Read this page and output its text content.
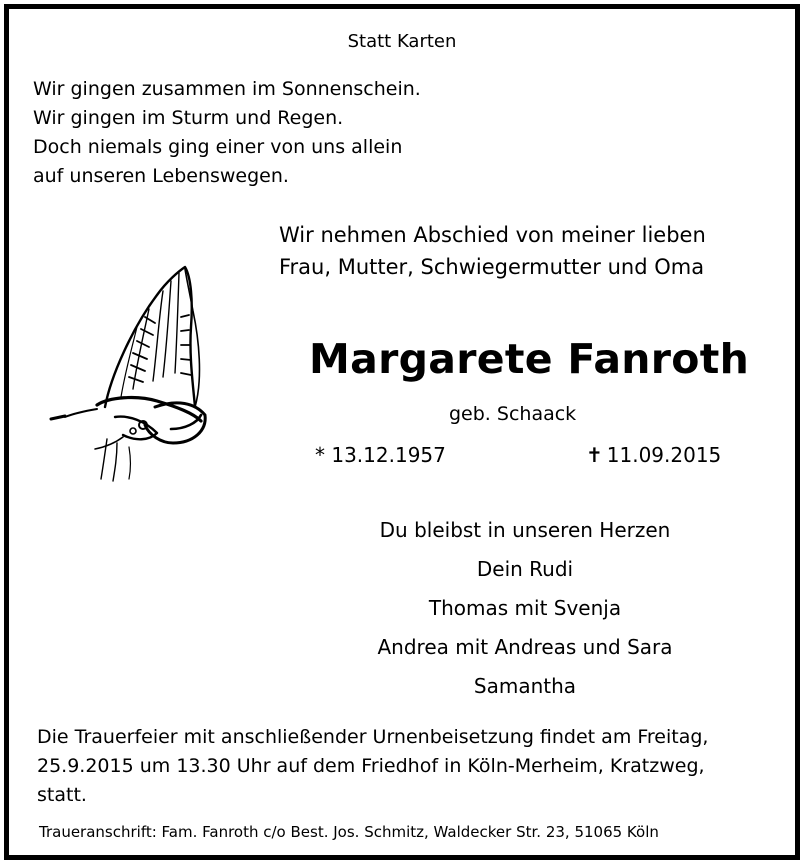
Statt Karten
Wir gingen zusammen im Sonnenschein.
Wir gingen im Sturm und Regen.
Doch niemals ging einer von uns allein
auf unseren Lebenswegen.
Wir nehmen Abschied von meiner lieben
Frau, Mutter, Schwiegermutter und Oma
Margarete Fanroth
geb. Schaack
* 13.12.1957	✝ 11.09.2015
Du bleibst in unseren Herzen
Dein Rudi
Thomas mit Svenja
Andrea mit Andreas und Sara
Samantha
Die Trauerfeier mit anschließender Urnenbeisetzung findet am Freitag,
25.9.2015 um 13.30 Uhr auf dem Friedhof in Köln-Merheim, Kratzweg,
statt.
Traueranschrift: Fam. Fanroth c/o Best. Jos. Schmitz, Waldecker Str. 23, 51065 Köln
